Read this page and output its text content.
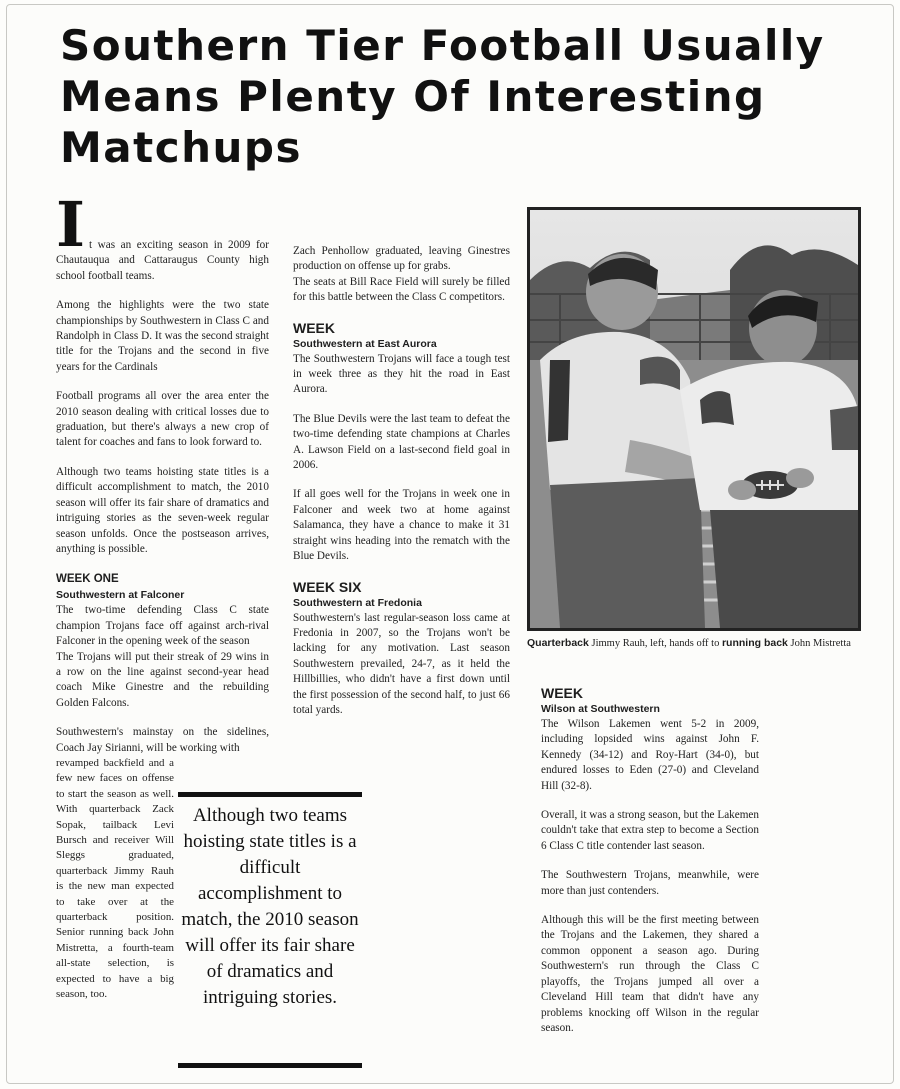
Southern Tier Football Usually Means Plenty Of Interesting Matchups

It was an exciting season in 2009 for Chautauqua and Cattaraugus County high school football teams.

Among the highlights were the two state championships by Southwestern in Class C and Randolph in Class D. It was the second straight title for the Trojans and the second in five years for the Cardinals

Football programs all over the area enter the 2010 season dealing with critical losses due to graduation, but there's always a new crop of talent for coaches and fans to look forward to.

Although two teams hoisting state titles is a difficult accomplishment to match, the 2010 season will offer its fair share of dramatics and intriguing stories as the seven-week regular season unfolds. Once the postseason arrives, anything is possible.

WEEK ONE
Southwestern at Falconer

The two-time defending Class C state champion Trojans face off against arch-rival Falconer in the opening week of the season

The Trojans will put their streak of 29 wins in a row on the line against second-year head coach Mike Ginestre and the rebuilding Golden Falcons.

Southwestern's mainstay on the sidelines, Coach Jay Sirianni, will be working with

revamped backfield and a few new faces on offense to start the season as well. With quarterback Zack Sopak, tailback Levi Bursch and receiver Will Sleggs graduated, quarterback Jimmy Rauh is the new man expected to take over at the quarterback position. Senior running back John Mistretta, a fourth-team all-state selection, is expected to have a big season, too.

Although two teams hoisting state titles is a difficult accomplishment to match, the 2010 season will offer its fair share of dramatics and intriguing stories.

Zach Penhollow graduated, leaving Ginestres production on offense up for grabs.

The seats at Bill Race Field will surely be filled for this battle between the Class C competitors.

WEEK
Southwestern at East Aurora

The Southwestern Trojans will face a tough test in week three as they hit the road in East Aurora.

The Blue Devils were the last team to defeat the two-time defending state champions at Charles A. Lawson Field on a last-second field goal in 2006.

If all goes well for the Trojans in week one in Falconer and week two at home against Salamanca, they have a chance to make it 31 straight wins heading into the rematch with the Blue Devils.

WEEK SIX
Southwestern at Fredonia

Southwestern's last regular-season loss came at Fredonia in 2007, so the Trojans won't be lacking for any motivation. Last season Southwestern prevailed, 24-7, as it held the Hillbillies, who didn't have a first down until the first possession of the second half, to just 66 total yards.

Quarterback Jimmy Rauh, left, hands off to running back John Mistretta
WEEK
Wilson at Southwestern

The Wilson Lakemen went 5-2 in 2009, including lopsided wins against John F. Kennedy (34-12) and Roy-Hart (34-0), but endured losses to Eden (27-0) and Cleveland Hill (32-8).

Overall, it was a strong season, but the Lakemen couldn't take that extra step to become a Section 6 Class C title contender last season.

The Southwestern Trojans, meanwhile, were more than just contenders.

Although this will be the first meeting between the Trojans and the Lakemen, they shared a common opponent a season ago. During Southwestern's run through the Class C playoffs, the Trojans jumped all over a Cleveland Hill team that didn't have any problems knocking off Wilson in the regular season.
